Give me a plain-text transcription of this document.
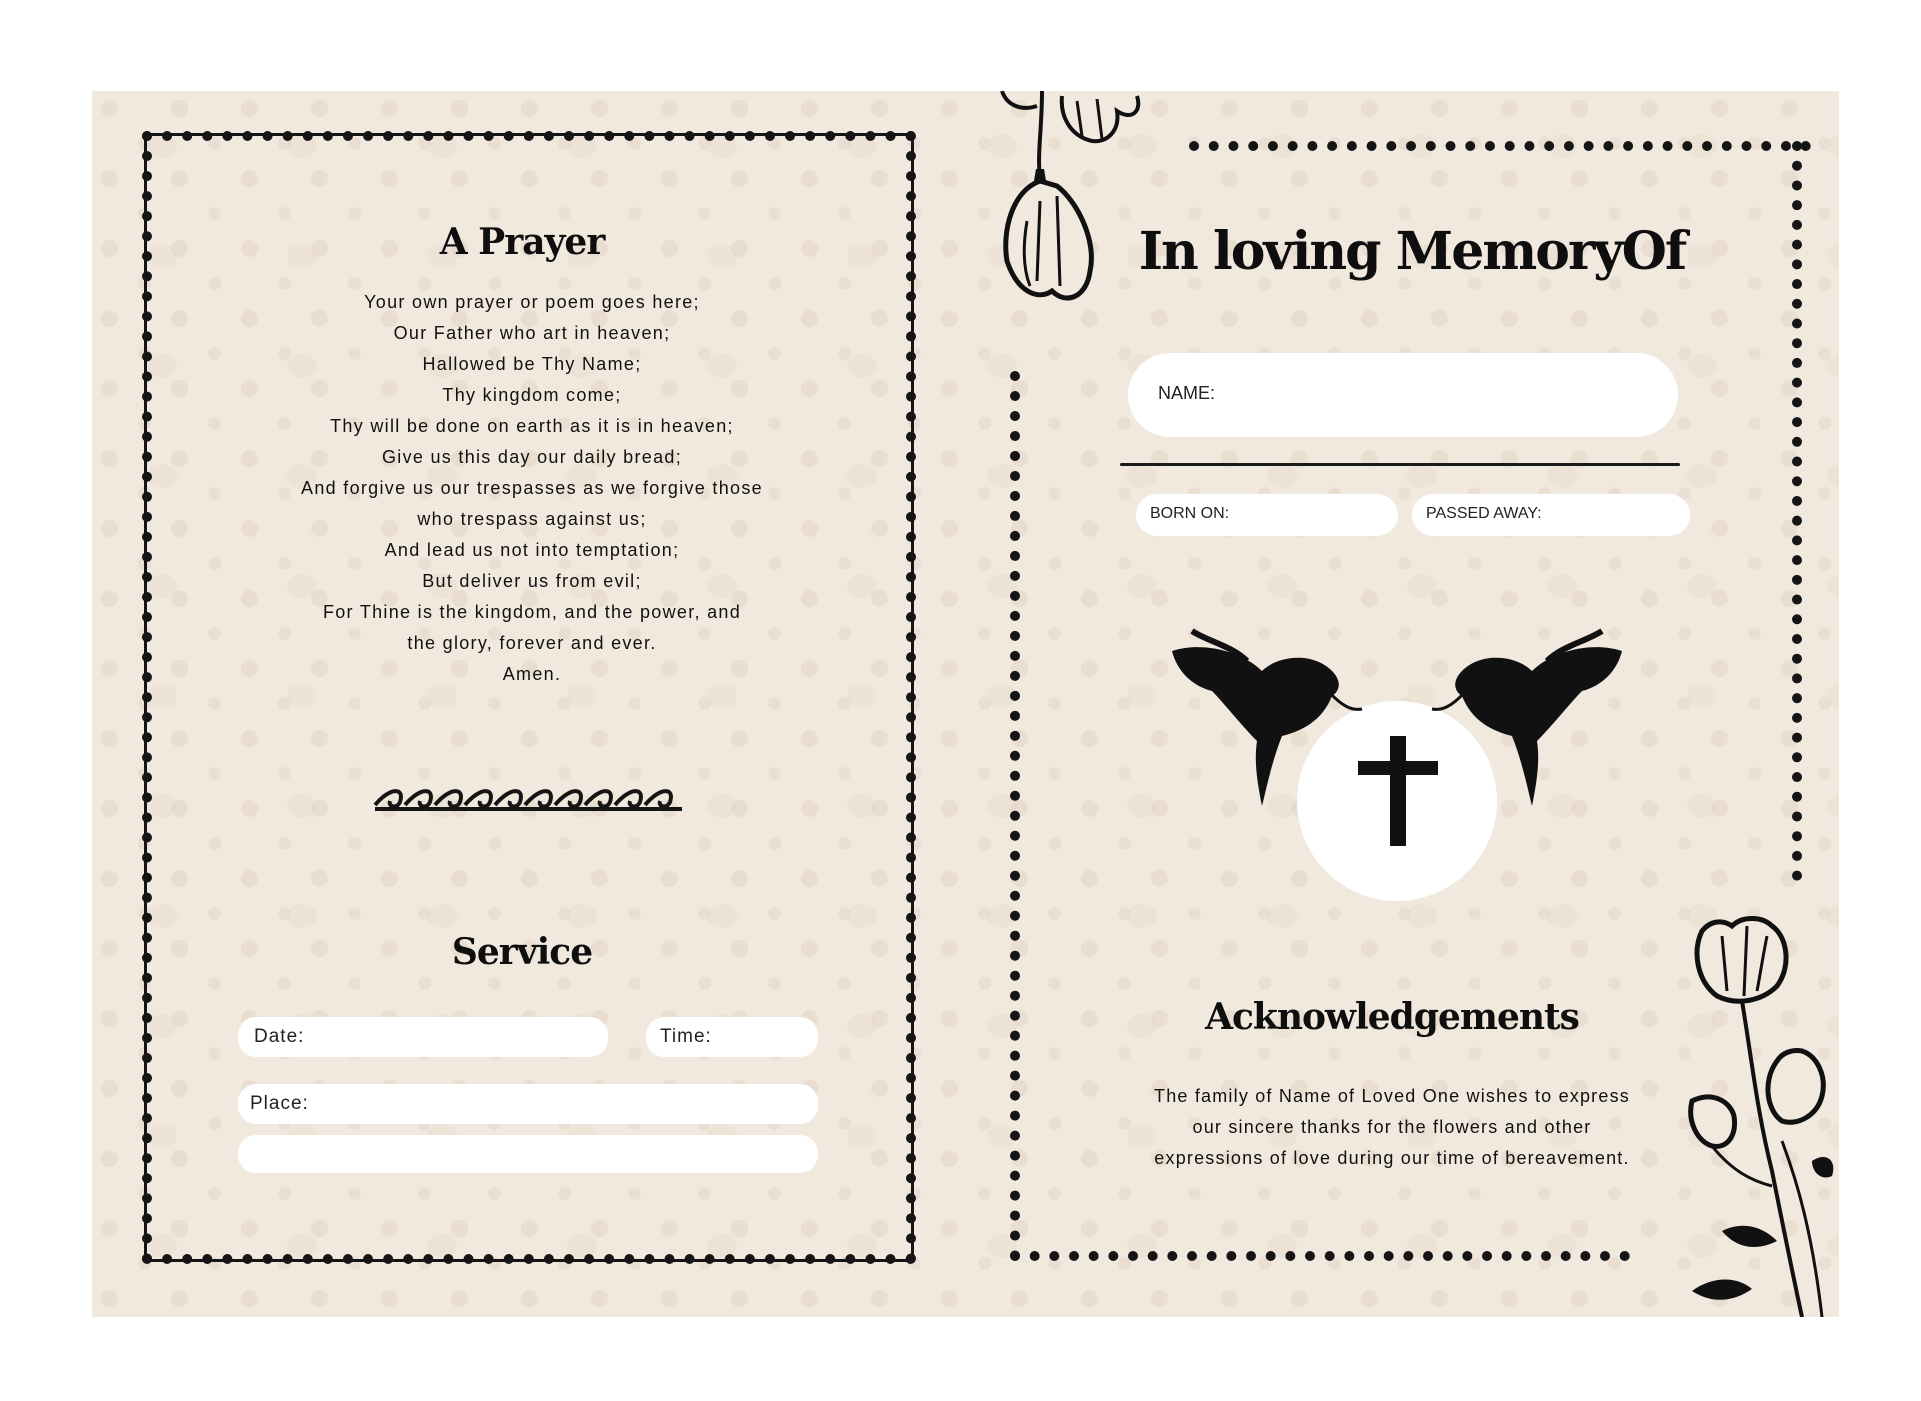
A Prayer
Your own prayer or poem goes here;
Our Father who art in heaven;
Hallowed be Thy Name;
Thy kingdom come;
Thy will be done on earth as it is in heaven;
Give us this day our daily bread;
And forgive us our trespasses as we forgive those
who trespass against us;
And lead us not into temptation;
But deliver us from evil;
For Thine is the kingdom, and the power, and
the glory, forever and ever.
Amen.
Service
Date:	Time:
Place:
In loving MemoryOf
NAME:
BORN ON:	PASSED AWAY:
Acknowledgements
The family of Name of Loved One wishes to express
our sincere thanks for the flowers and other
expressions of love during our time of bereavement.
